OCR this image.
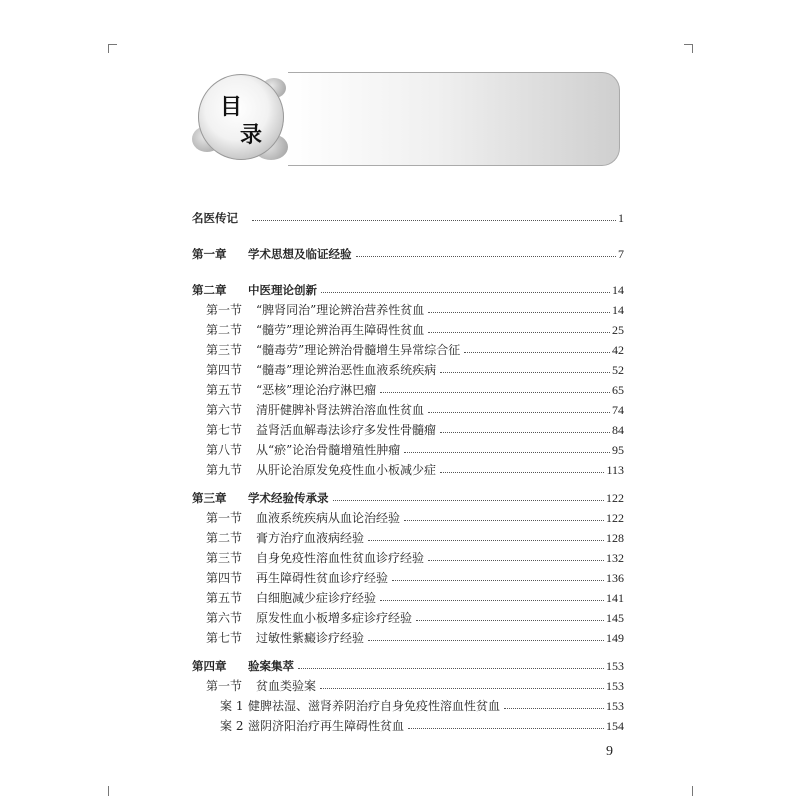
目
录
名医传记	1
第一章 学术思想及临证经验	7
第二章 中医理论创新	14
第一节 “脾肾同治”理论辨治营养性贫血	14
第二节 “髓劳”理论辨治再生障碍性贫血	25
第三节 “髓毒劳”理论辨治骨髓增生异常综合征	42
第四节 “髓毒”理论辨治恶性血液系统疾病	52
第五节 “恶核”理论治疗淋巴瘤	65
第六节 清肝健脾补肾法辨治溶血性贫血	74
第七节 益肾活血解毒法诊疗多发性骨髓瘤	84
第八节 从“瘀”论治骨髓增殖性肿瘤	95
第九节 从肝论治原发免疫性血小板减少症	113
第三章 学术经验传承录	122
第一节 血液系统疾病从血论治经验	122
第二节 膏方治疗血液病经验	128
第三节 自身免疫性溶血性贫血诊疗经验	132
第四节 再生障碍性贫血诊疗经验	136
第五节 白细胞减少症诊疗经验	141
第六节 原发性血小板增多症诊疗经验	145
第七节 过敏性紫癜诊疗经验	149
第四章 验案集萃	153
第一节 贫血类验案	153
案 1 健脾祛湿、滋肾养阴治疗自身免疫性溶血性贫血	153
案 2 滋阴济阳治疗再生障碍性贫血	154
9
